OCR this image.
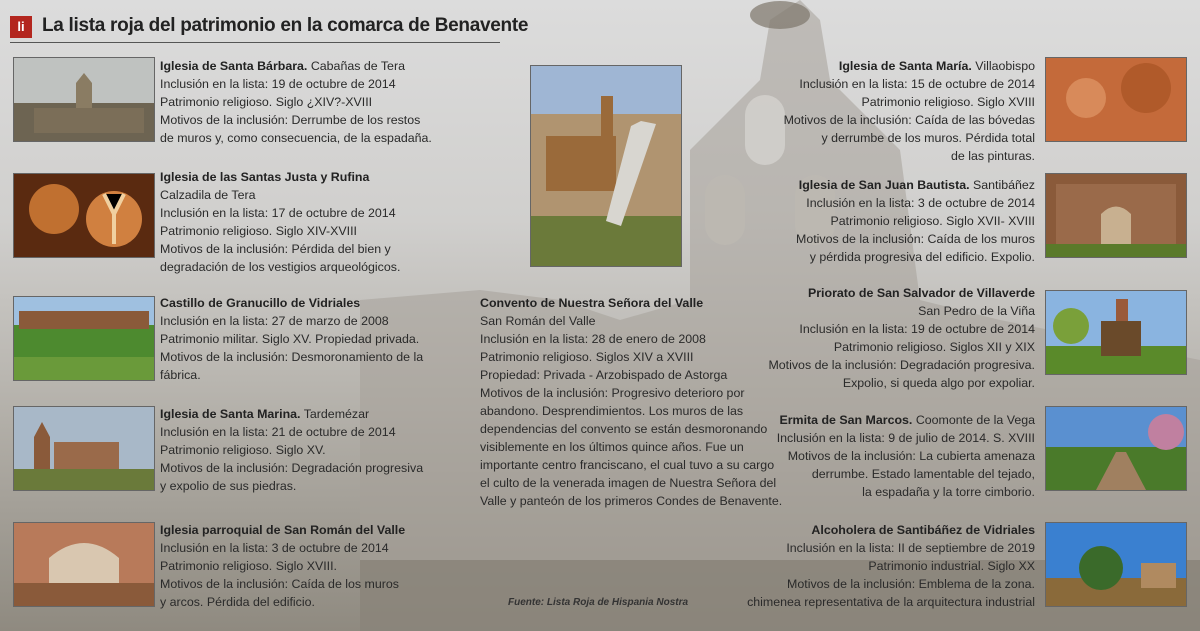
li La lista roja del patrimonio en la comarca de Benavente
Iglesia de Santa Bárbara. Cabañas de Tera
Inclusión en la lista: 19 de octubre de 2014
Patrimonio religioso. Siglo ¿XIV?-XVIII
Motivos de la inclusión: Derrumbe de los restos
de muros y, como consecuencia, de la espadaña.
Iglesia de las Santas Justa y Rufina
Calzadila de Tera
Inclusión en la lista: 17 de octubre de 2014
Patrimonio religioso. Siglo XIV-XVIII
Motivos de la inclusión: Pérdida del bien y
degradación de los vestigios arqueológicos.
Castillo de Granucillo de Vidriales
Inclusión en la lista: 27 de marzo de 2008
Patrimonio militar. Siglo XV. Propiedad privada.
Motivos de la inclusión: Desmoronamiento de la
fábrica.
Iglesia de Santa Marina. Tardemézar
Inclusión en la lista: 21 de octubre de 2014
Patrimonio religioso. Siglo XV.
Motivos de la inclusión: Degradación progresiva
y expolio de sus piedras.
Iglesia parroquial de San Román del Valle
Inclusión en la lista: 3 de octubre de 2014
Patrimonio religioso. Siglo XVIII.
Motivos de la inclusión: Caída de los muros
y arcos. Pérdida del edificio.
Convento de Nuestra Señora del Valle
San Román del Valle
Inclusión en la lista: 28 de enero de 2008
Patrimonio religioso. Siglos XIV a XVIII
Propiedad: Privada - Arzobispado de Astorga
Motivos de la inclusión: Progresivo deterioro por
abandono. Desprendimientos. Los muros de las
dependencias del convento se están desmoronando
visiblemente en los últimos quince años. Fue un
importante centro franciscano, el cual tuvo a su cargo
el culto de la venerada imagen de Nuestra Señora del
Valle y panteón de los primeros Condes de Benavente.
Iglesia de Santa María. Villaobispo
Inclusión en la lista: 15 de octubre de 2014
Patrimonio religioso. Siglo XVIII
Motivos de la inclusión: Caída de las bóvedas
y derrumbe de los muros. Pérdida total
de las pinturas.
Iglesia de San Juan Bautista. Santibáñez
Inclusión en la lista: 3 de octubre de 2014
Patrimonio religioso. Siglo XVII- XVIII
Motivos de la inclusión: Caída de los muros
y pérdida progresiva del edificio. Expolio.
Priorato de San Salvador de Villaverde
San Pedro de la Viña
Inclusión en la lista: 19 de octubre de 2014
Patrimonio religioso. Siglos XII y XIX
Motivos de la inclusión: Degradación progresiva.
Expolio, si queda algo por expoliar.
Ermita de San Marcos. Coomonte de la Vega
Inclusión en la lista: 9 de julio de 2014. S. XVIII
Motivos de la inclusión: La cubierta amenaza
derrumbe. Estado lamentable del tejado,
la espadaña y la torre cimborio.
Alcoholera de Santibáñez de Vidriales
Inclusión en la lista: II de septiembre de 2019
Patrimonio industrial. Siglo XX
Motivos de la inclusión: Emblema de la zona.
chimenea representativa de la arquitectura industrial
Fuente: Lista Roja de Hispania Nostra
